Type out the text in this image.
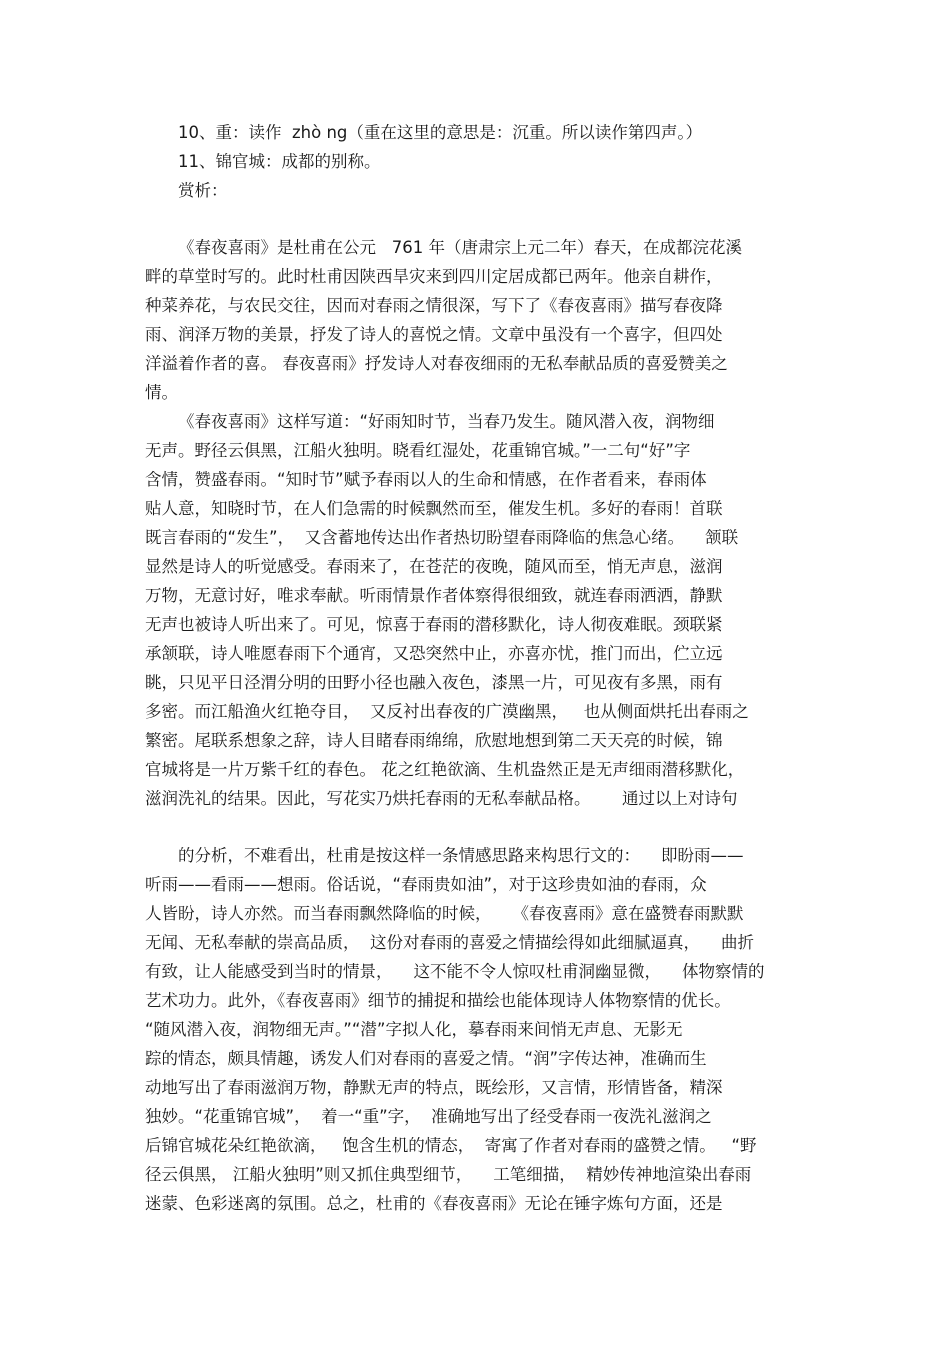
10、重：读作  zhò ng（重在这里的意思是：沉重。所以读作第四声。）
11、锦官城：成都的别称。
赏析：
《春夜喜雨》是杜甫在公元   761 年（唐肃宗上元二年）春天，在成都浣花溪
畔的草堂时写的。此时杜甫因陕西旱灾来到四川定居成都已两年。他亲自耕作，
种菜养花，与农民交往，因而对春雨之情很深，写下了《春夜喜雨》描写春夜降
雨、润泽万物的美景，抒发了诗人的喜悦之情。文章中虽没有一个喜字，但四处
洋溢着作者的喜。 春夜喜雨》抒发诗人对春夜细雨的无私奉献品质的喜爱赞美之
情。
《春夜喜雨》这样写道：“好雨知时节，当春乃发生。随风潜入夜，润物细
无声。野径云俱黑，江船火独明。晓看红湿处，花重锦官城。”一二句“好”字
含情，赞盛春雨。“知时节”赋予春雨以人的生命和情感，在作者看来，春雨体
贴人意，知晓时节，在人们急需的时候飘然而至，催发生机。多好的春雨！首联
既言春雨的“发生”，  又含蓄地传达出作者热切盼望春雨降临的焦急心绪。    颔联
显然是诗人的听觉感受。春雨来了，在苍茫的夜晚，随风而至，悄无声息，滋润
万物，无意讨好，唯求奉献。听雨情景作者体察得很细致，就连春雨洒洒，静默
无声也被诗人听出来了。可见，惊喜于春雨的潜移默化，诗人彻夜难眠。颈联紧
承颔联，诗人唯愿春雨下个通宵，又恐突然中止，亦喜亦忧，推门而出，伫立远
眺，只见平日泾渭分明的田野小径也融入夜色，漆黑一片，可见夜有多黑，雨有
多密。而江船渔火红艳夺目，  又反衬出春夜的广漠幽黑，   也从侧面烘托出春雨之
繁密。尾联系想象之辞，诗人目睹春雨绵绵，欣慰地想到第二天天亮的时候，锦
官城将是一片万紫千红的春色。 花之红艳欲滴、生机盎然正是无声细雨潜移默化，
滋润洗礼的结果。因此，写花实乃烘托春雨的无私奉献品格。      通过以上对诗句
的分析，不难看出，杜甫是按这样一条情感思路来构思行文的：    即盼雨——
听雨——看雨——想雨。俗话说，“春雨贵如油”，对于这珍贵如油的春雨，众
人皆盼，诗人亦然。而当春雨飘然降临的时候，    《春夜喜雨》意在盛赞春雨默默
无闻、无私奉献的崇高品质，  这份对春雨的喜爱之情描绘得如此细腻逼真，    曲折
有致，让人能感受到当时的情景，    这不能不令人惊叹杜甫洞幽显微，    体物察情的
艺术功力。此外，《春夜喜雨》细节的捕捉和描绘也能体现诗人体物察情的优长。
“随风潜入夜，润物细无声。”“潜”字拟人化，摹春雨来间悄无声息、无影无
踪的情态，颇具情趣，诱发人们对春雨的喜爱之情。“润”字传达神，准确而生
动地写出了春雨滋润万物，静默无声的特点，既绘形，又言情，形情皆备，精深
独妙。“花重锦官城”，  着一“重”字，  准确地写出了经受春雨一夜洗礼滋润之
后锦官城花朵红艳欲滴，   饱含生机的情态，  寄寓了作者对春雨的盛赞之情。   “野
径云俱黑， 江船火独明”则又抓住典型细节，    工笔细描，  精妙传神地渲染出春雨
迷蒙、色彩迷离的氛围。总之，杜甫的《春夜喜雨》无论在锤字炼句方面，还是
